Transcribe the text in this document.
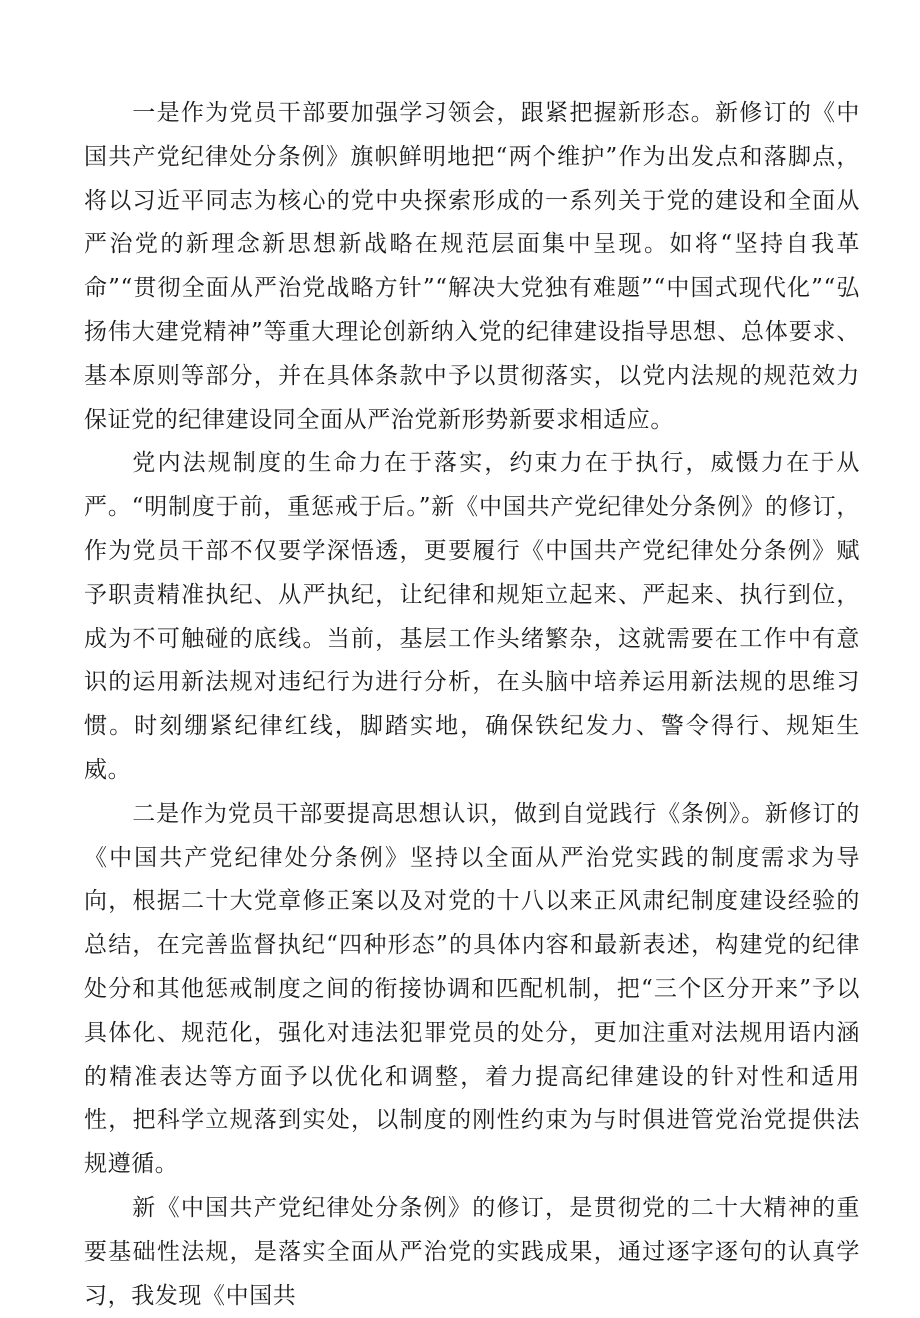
一是作为党员干部要加强学习领会，跟紧把握新形态。新修订的《中国共产党纪律处分条例》旗帜鲜明地把“两个维护”作为出发点和落脚点，将以习近平同志为核心的党中央探索形成的一系列关于党的建设和全面从严治党的新理念新思想新战略在规范层面集中呈现。如将“坚持自我革命”“贯彻全面从严治党战略方针”“解决大党独有难题”“中国式现代化”“弘扬伟大建党精神”等重大理论创新纳入党的纪律建设指导思想、总体要求、基本原则等部分，并在具体条款中予以贯彻落实，以党内法规的规范效力保证党的纪律建设同全面从严治党新形势新要求相适应。

党内法规制度的生命力在于落实，约束力在于执行，威慑力在于从严。“明制度于前，重惩戒于后。”新《中国共产党纪律处分条例》的修订，作为党员干部不仅要学深悟透，更要履行《中国共产党纪律处分条例》赋予职责精准执纪、从严执纪，让纪律和规矩立起来、严起来、执行到位，成为不可触碰的底线。当前，基层工作头绪繁杂，这就需要在工作中有意识的运用新法规对违纪行为进行分析，在头脑中培养运用新法规的思维习惯。时刻绷紧纪律红线，脚踏实地，确保铁纪发力、警令得行、规矩生威。

二是作为党员干部要提高思想认识，做到自觉践行《条例》。新修订的《中国共产党纪律处分条例》坚持以全面从严治党实践的制度需求为导向，根据二十大党章修正案以及对党的十八以来正风肃纪制度建设经验的总结，在完善监督执纪“四种形态”的具体内容和最新表述，构建党的纪律处分和其他惩戒制度之间的衔接协调和匹配机制，把“三个区分开来”予以具体化、规范化，强化对违法犯罪党员的处分，更加注重对法规用语内涵的精准表达等方面予以优化和调整，着力提高纪律建设的针对性和适用性，把科学立规落到实处，以制度的刚性约束为与时俱进管党治党提供法规遵循。

新《中国共产党纪律处分条例》的修订，是贯彻党的二十大精神的重要基础性法规，是落实全面从严治党的实践成果，通过逐字逐句的认真学习，我发现《中国共
